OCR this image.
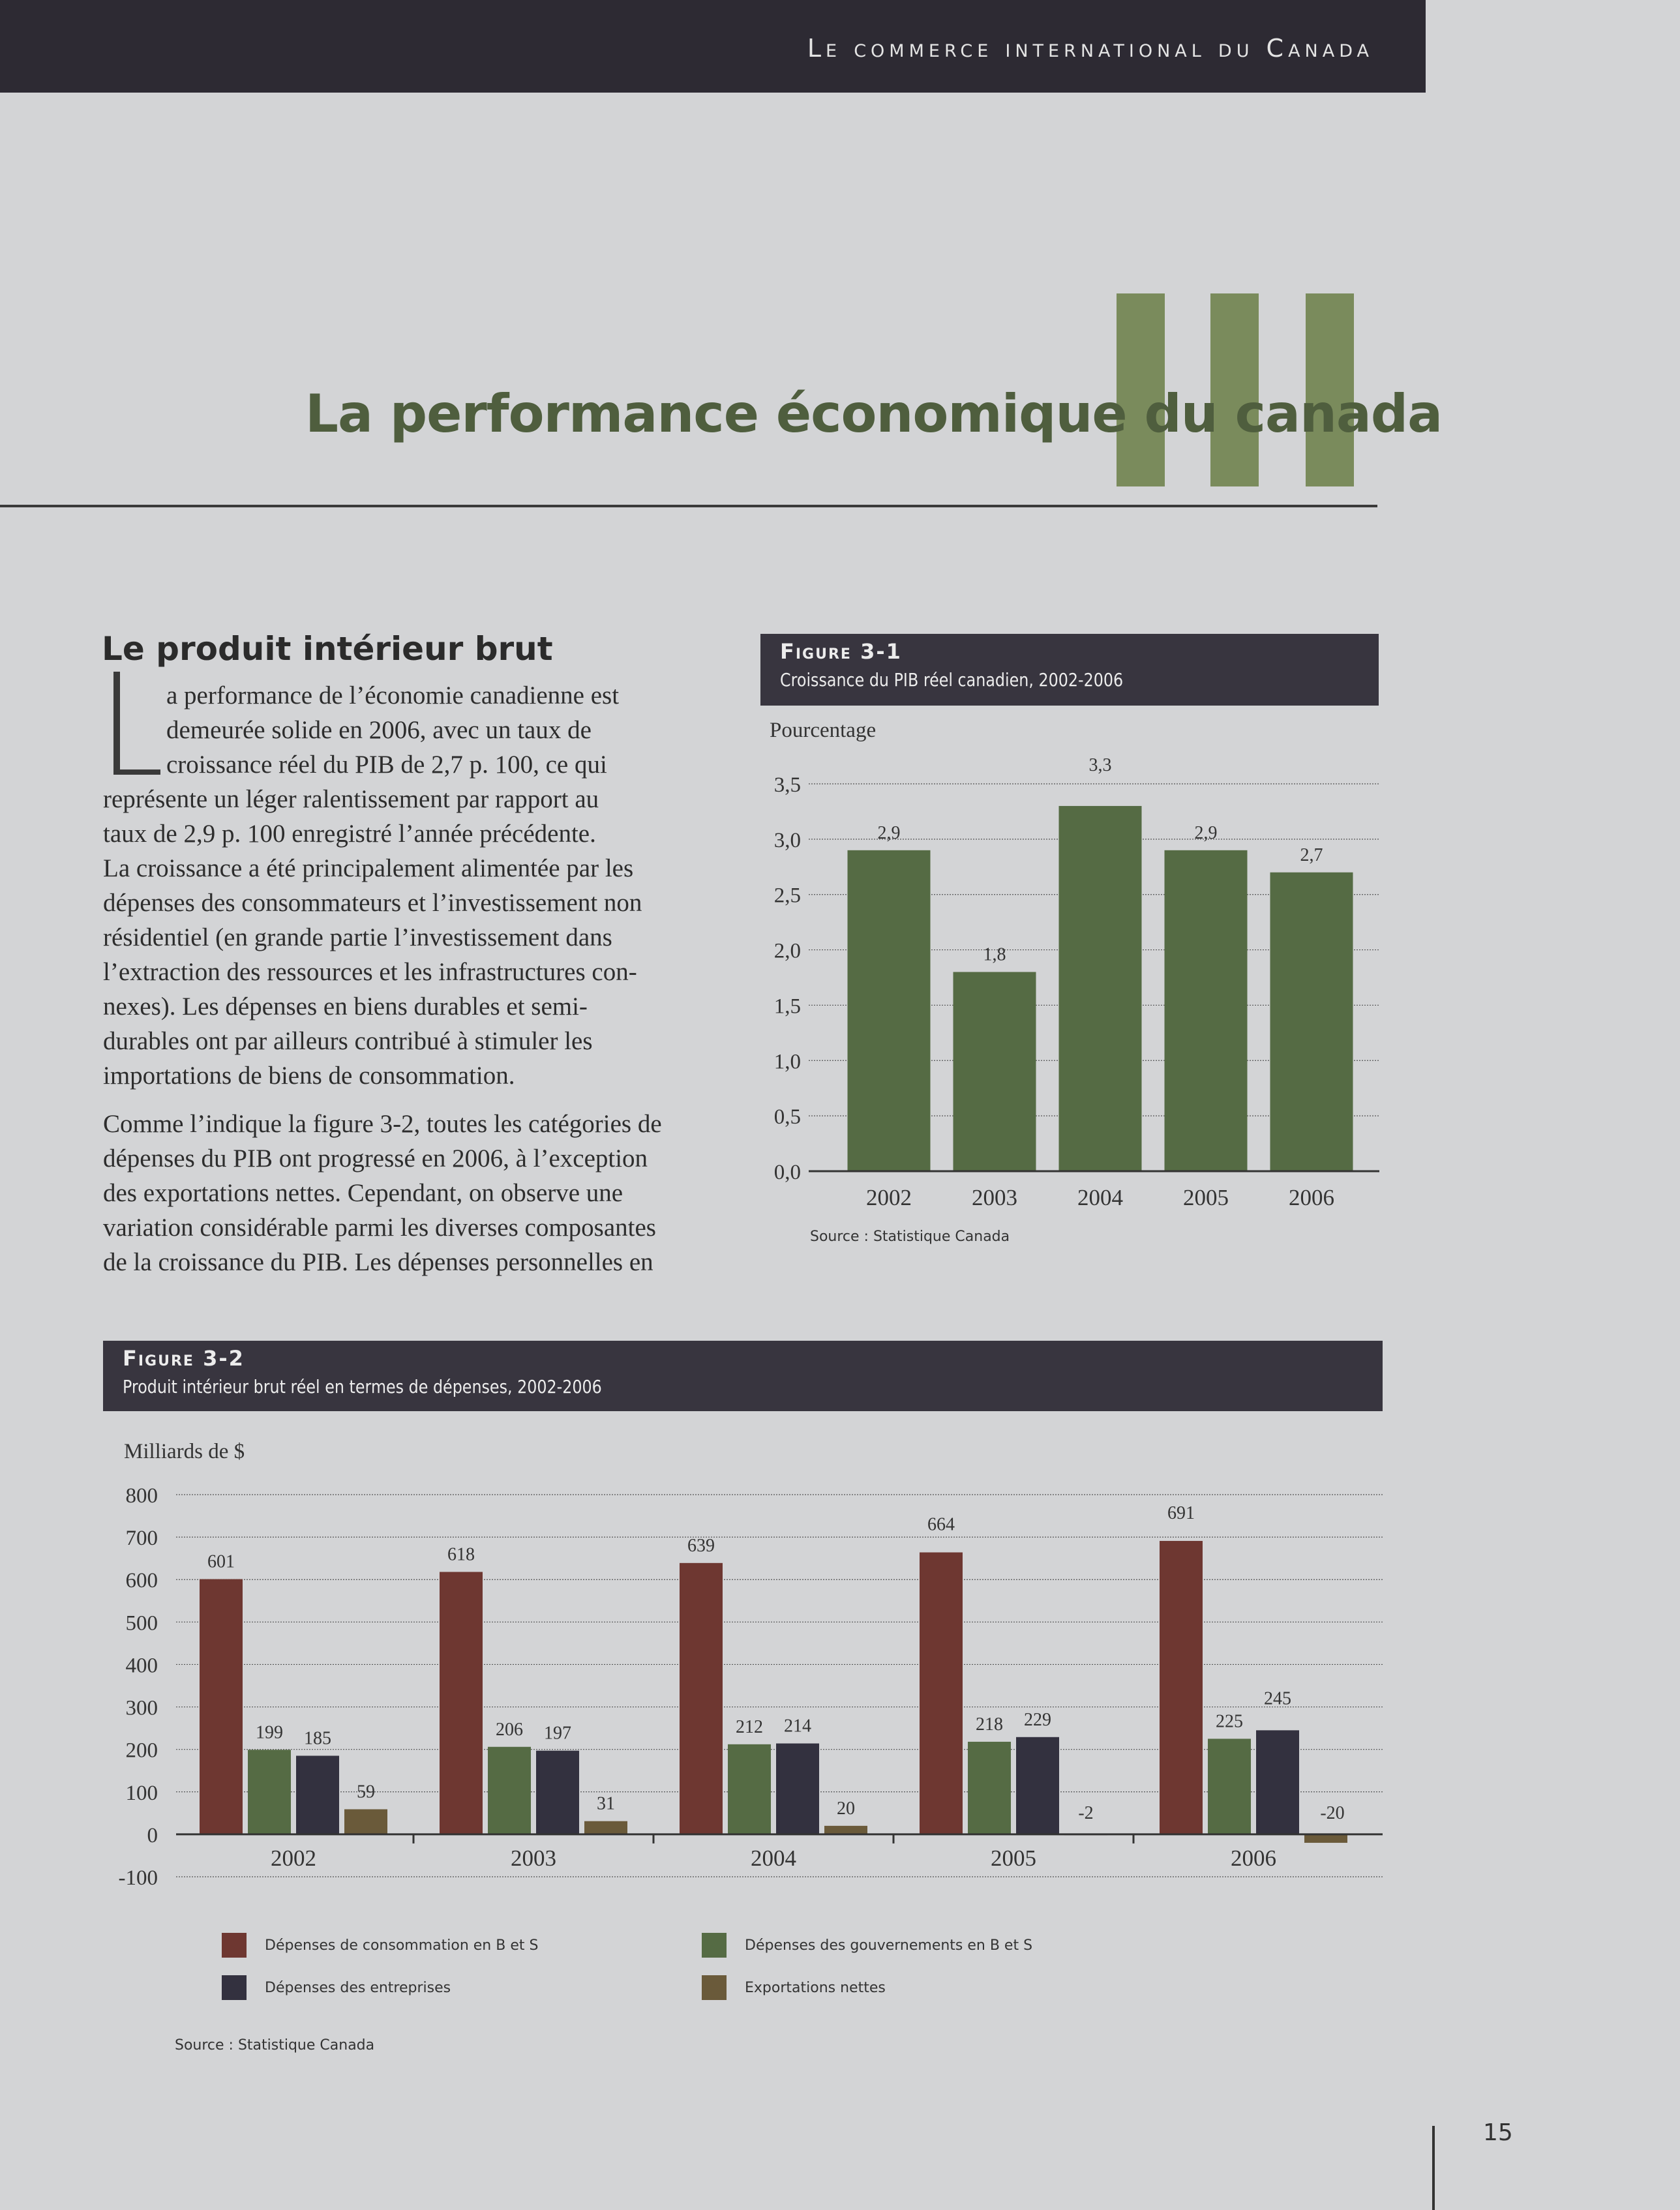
Le commerce international du Canada
La performance économique du canada
Le produit intérieur brut
a performance de l’économie canadienne est
demeurée solide en 2006, avec un taux de
croissance réel du PIB de 2,7 p. 100, ce qui
représente un léger ralentissement par rapport au
taux de 2,9 p. 100 enregistré l’année précédente.
La croissance a été principalement alimentée par les
dépenses des consommateurs et l’investissement non
résidentiel (en grande partie l’investissement dans
l’extraction des ressources et les infrastructures con-
nexes). Les dépenses en biens durables et semi-
durables ont par ailleurs contribué à stimuler les
importations de biens de consommation.
Comme l’indique la figure 3-2, toutes les catégories de
dépenses du PIB ont progressé en 2006, à l’exception
des exportations nettes. Cependant, on observe une
variation considérable parmi les diverses composantes
de la croissance du PIB. Les dépenses personnelles en
Figure 3-1
Croissance du PIB réel canadien, 2002-2006
Pourcentage
0,0
0,5
1,0
1,5
2,0
2,5
3,0
3,5
2,9
2002
1,8
2003
3,3
2004
2,9
2005
2,7
2006
Source : Statistique Canada
Figure 3-2
Produit intérieur brut réel en termes de dépenses, 2002-2006
Milliards de $
-100
0
100
200
300
400
500
600
700
800
601
199 185
59
2002
618
206 197
31
2003
639
212 214
20
2004
664
218 229
-2
2005
691
225
245
-20
2006
Dépenses de consommation en B et S	Dépenses des gouvernements en B et S
Dépenses des entreprises	Exportations nettes
Source : Statistique Canada
15
